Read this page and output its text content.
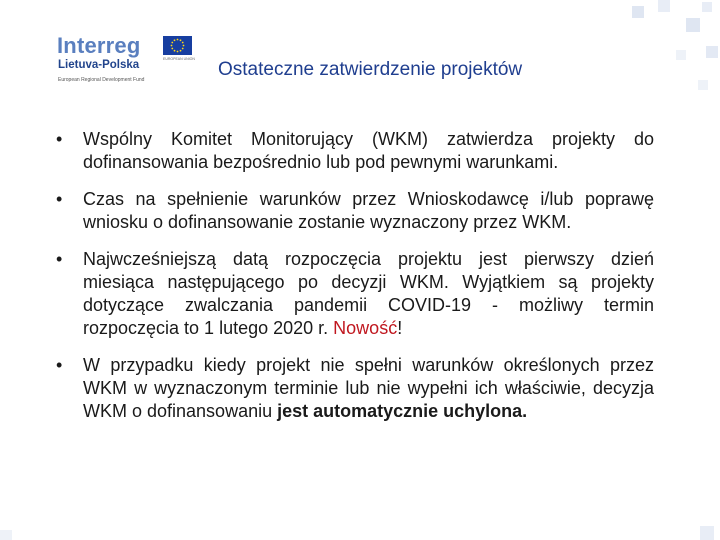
Interreg
EUROPEAN UNION
Lietuva-Polska
European Regional Development Fund	Ostateczne zatwierdzenie projektów
• Wspólny Komitet Monitorujący (WKM) zatwierdza projekty do dofinansowania bezpośrednio lub pod pewnymi warunkami.
• Czas na spełnienie warunków przez Wnioskodawcę i/lub poprawę wniosku o dofinansowanie zostanie wyznaczony przez WKM.
• Najwcześniejszą datą rozpoczęcia projektu jest pierwszy dzień miesiąca następującego po decyzji WKM. Wyjątkiem są projekty dotyczące zwalczania pandemii COVID-19 - możliwy termin rozpoczęcia to 1 lutego 2020 r. Nowość!
• W przypadku kiedy projekt nie spełni warunków określonych przez WKM w wyznaczonym terminie lub nie wypełni ich właściwie, decyzja WKM o dofinansowaniu jest automatycznie uchylona.
